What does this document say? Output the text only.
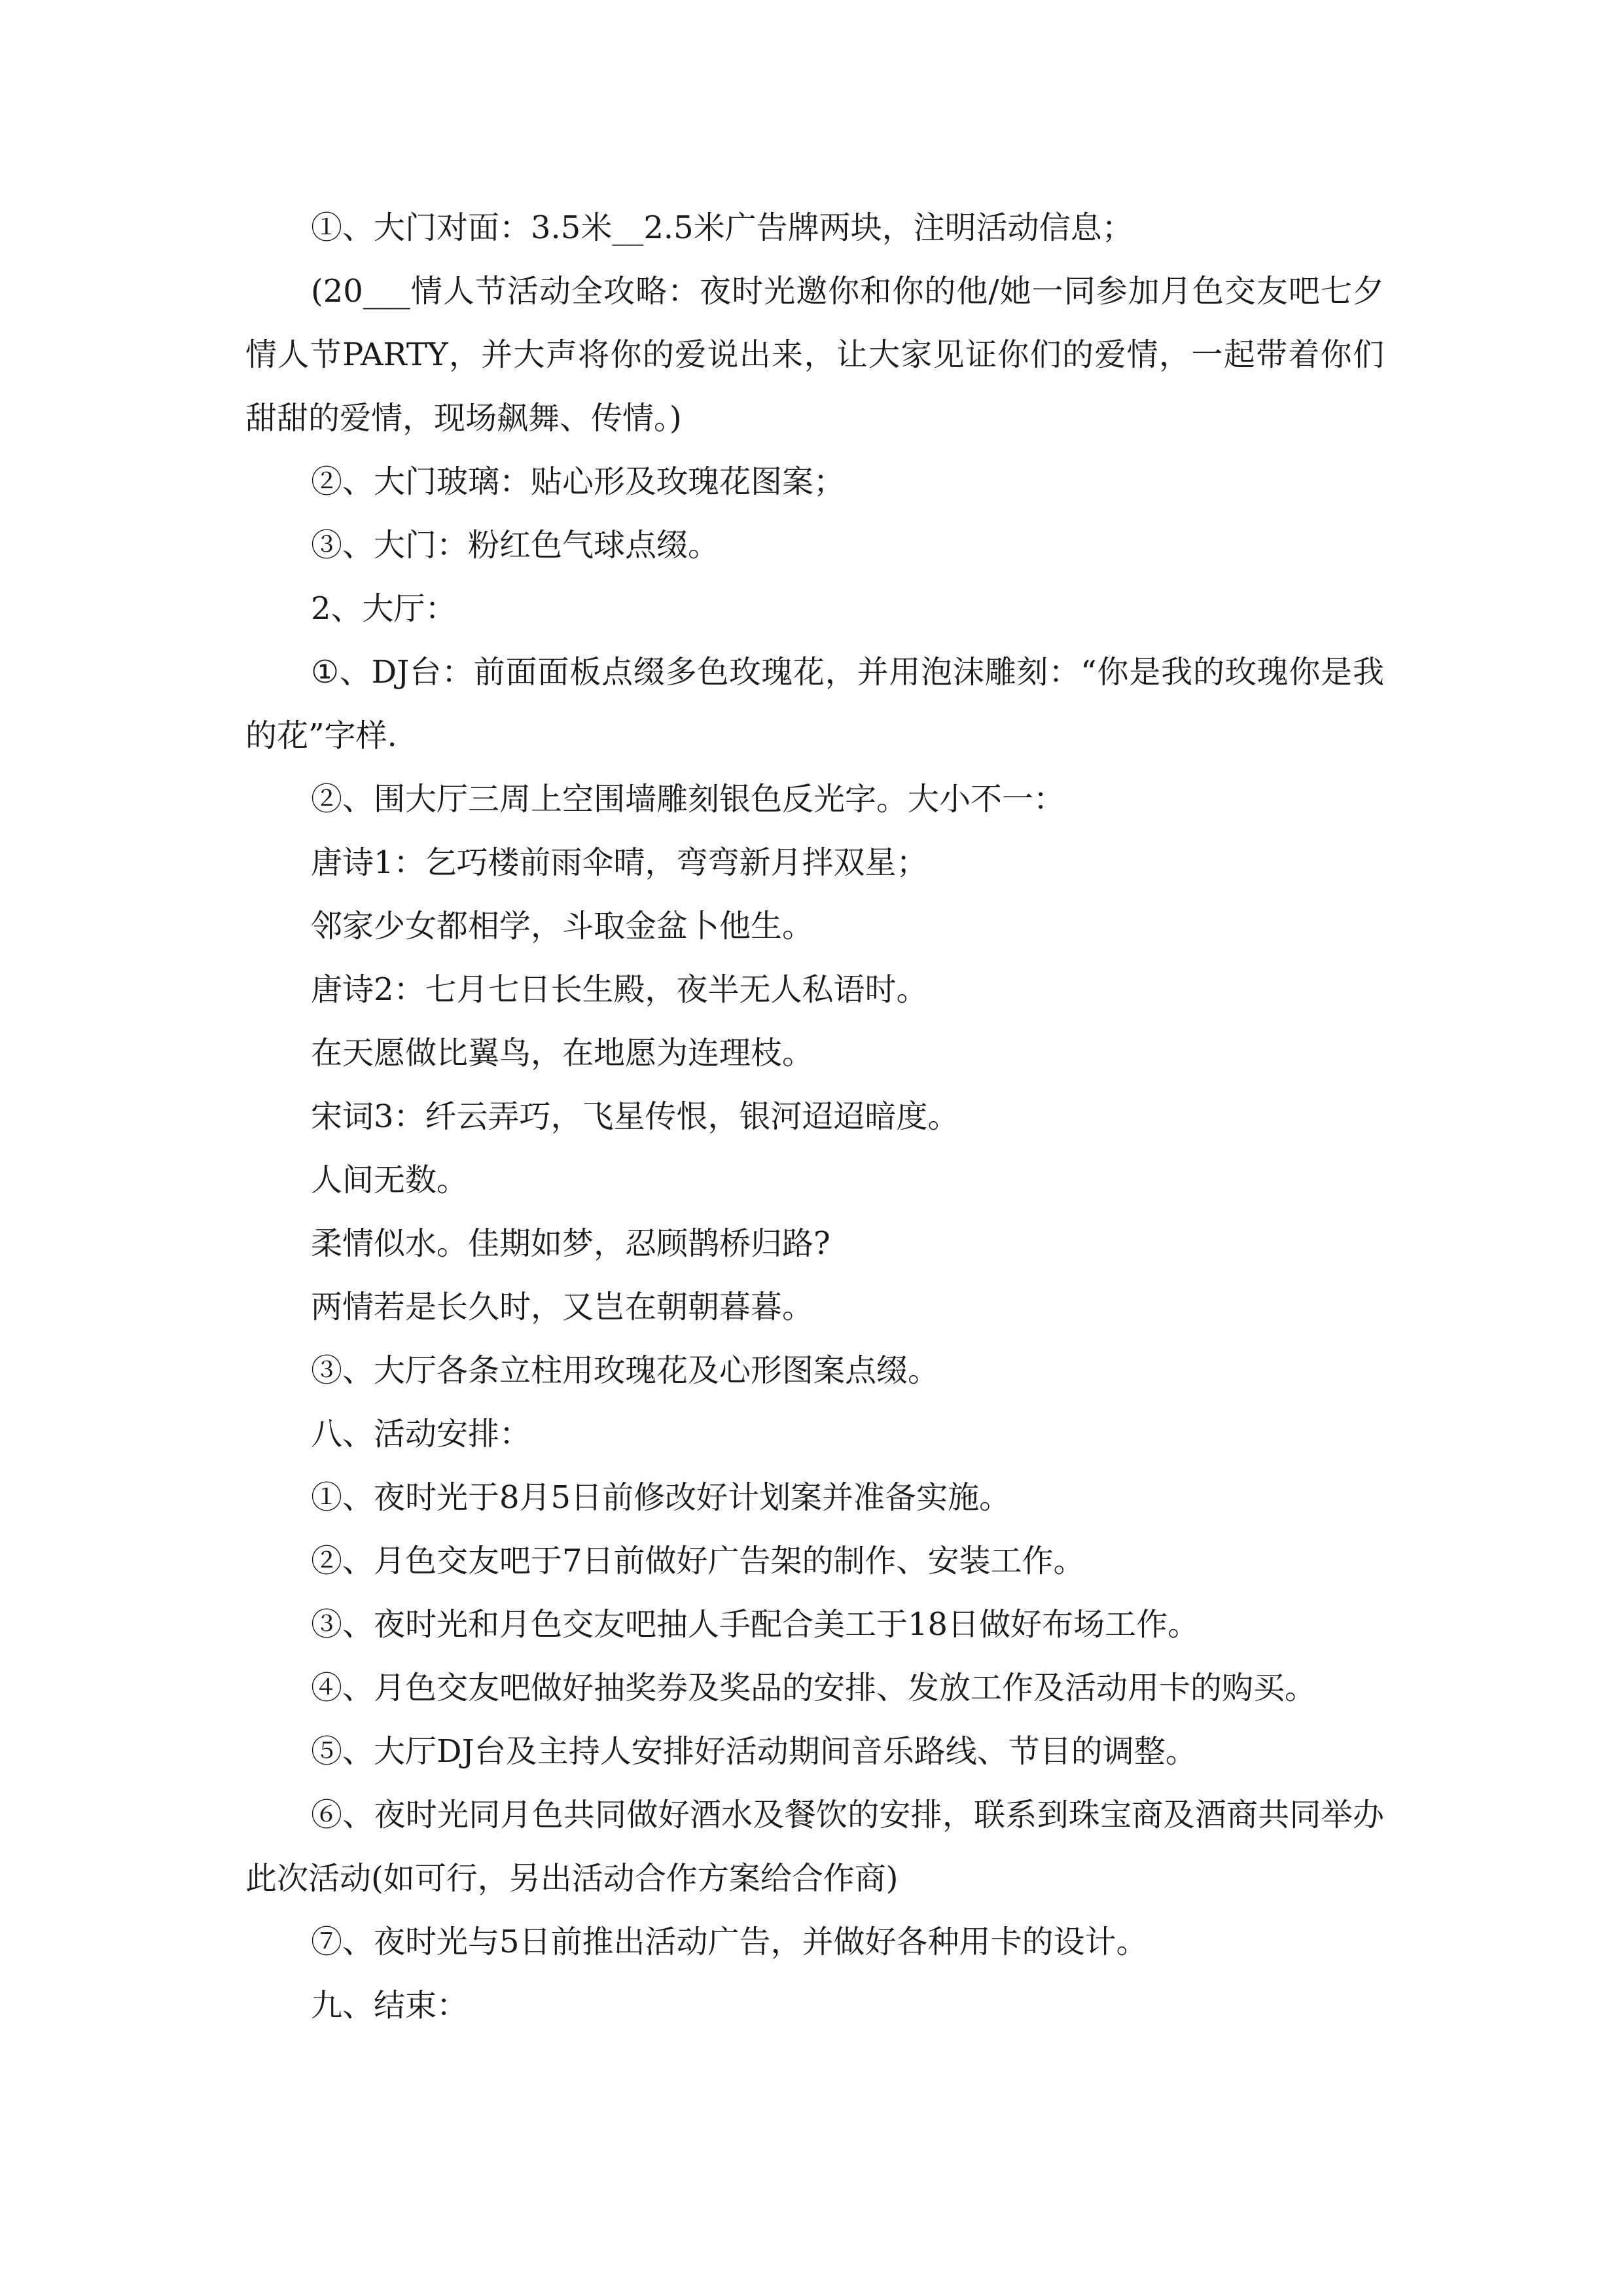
①、大门对面：3.5米__2.5米广告牌两块，注明活动信息；

(20___情人节活动全攻略：夜时光邀你和你的他/她一同参加月色交友吧七夕情人节PARTY，并大声将你的爱说出来，让大家见证你们的爱情，一起带着你们甜甜的爱情，现场飙舞、传情。)

②、大门玻璃：贴心形及玫瑰花图案；

③、大门：粉红色气球点缀。

2、大厅：

①、DJ台：前面面板点缀多色玫瑰花，并用泡沫雕刻：“你是我的玫瑰你是我的花”字样.

②、围大厅三周上空围墙雕刻银色反光字。大小不一：

唐诗1：乞巧楼前雨伞晴，弯弯新月拌双星；

邻家少女都相学，斗取金盆卜他生。

唐诗2：七月七日长生殿，夜半无人私语时。

在天愿做比翼鸟，在地愿为连理枝。

宋词3：纤云弄巧，飞星传恨，银河迢迢暗度。

人间无数。

柔情似水。佳期如梦，忍顾鹊桥归路?

两情若是长久时，又岂在朝朝暮暮。

③、大厅各条立柱用玫瑰花及心形图案点缀。

八、活动安排：

①、夜时光于8月5日前修改好计划案并准备实施。

②、月色交友吧于7日前做好广告架的制作、安装工作。

③、夜时光和月色交友吧抽人手配合美工于18日做好布场工作。

④、月色交友吧做好抽奖券及奖品的安排、发放工作及活动用卡的购买。

⑤、大厅DJ台及主持人安排好活动期间音乐路线、节目的调整。

⑥、夜时光同月色共同做好酒水及餐饮的安排，联系到珠宝商及酒商共同举办此次活动(如可行，另出活动合作方案给合作商)

⑦、夜时光与5日前推出活动广告，并做好各种用卡的设计。

九、结束：
